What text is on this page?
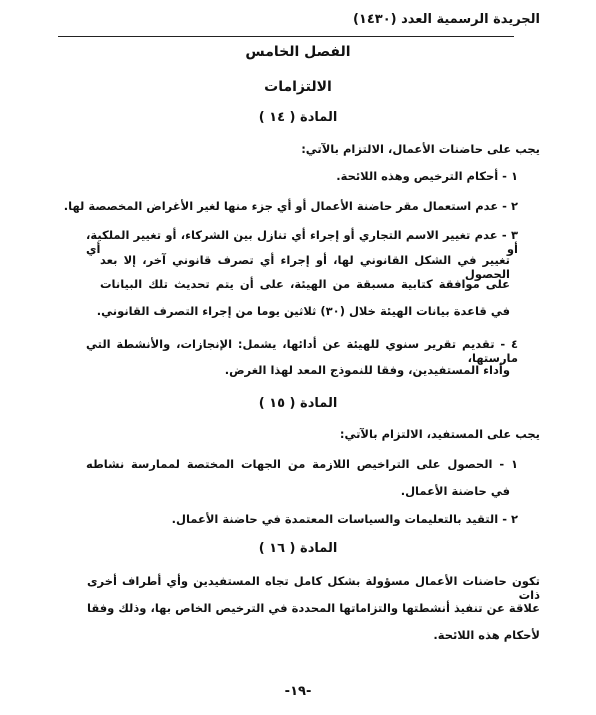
الجريدة الرسمية العدد (١٤٣٠)
الفصل الخامس
الالتزامات
المادة ( ١٤ )
يجب على حاضنات الأعمال، الالتزام بالآتي:
١ - أحكام الترخيص وهذه اللائحة.
٢ - عدم استعمال مقر حاضنة الأعمال أو أي جزء منها لغير الأغراض المخصصة لها.
٣ - عدم تغيير الاسم التجاري أو إجراء أي تنازل بين الشركاء، أو تغيير الملكية، أو أي
تغيير في الشكل القانوني لها، أو إجراء أي تصرف قانوني آخر، إلا بعد الحصول
على موافقة كتابية مسبقة من الهيئة، على أن يتم تحديث تلك البيانات
في قاعدة بيانات الهيئة خلال (٣٠) ثلاثين يوما من إجراء التصرف القانوني.
٤ - تقديم تقرير سنوي للهيئة عن أدائها، يشمل: الإنجازات، والأنشطة التي مارستها،
وأداء المستفيدين، وفقا للنموذج المعد لهذا الغرض.
المادة ( ١٥ )
يجب على المستفيد، الالتزام بالآتي:
١ - الحصول على التراخيص اللازمة من الجهات المختصة لممارسة نشاطه
في حاضنة الأعمال.
٢ - التقيد بالتعليمات والسياسات المعتمدة في حاضنة الأعمال.
المادة ( ١٦ )
تكون حاضنات الأعمال مسؤولة بشكل كامل تجاه المستفيدين وأي أطراف أخرى ذات
علاقة عن تنفيذ أنشطتها والتزاماتها المحددة في الترخيص الخاص بها، وذلك وفقا
لأحكام هذه اللائحة.
-١٩-
